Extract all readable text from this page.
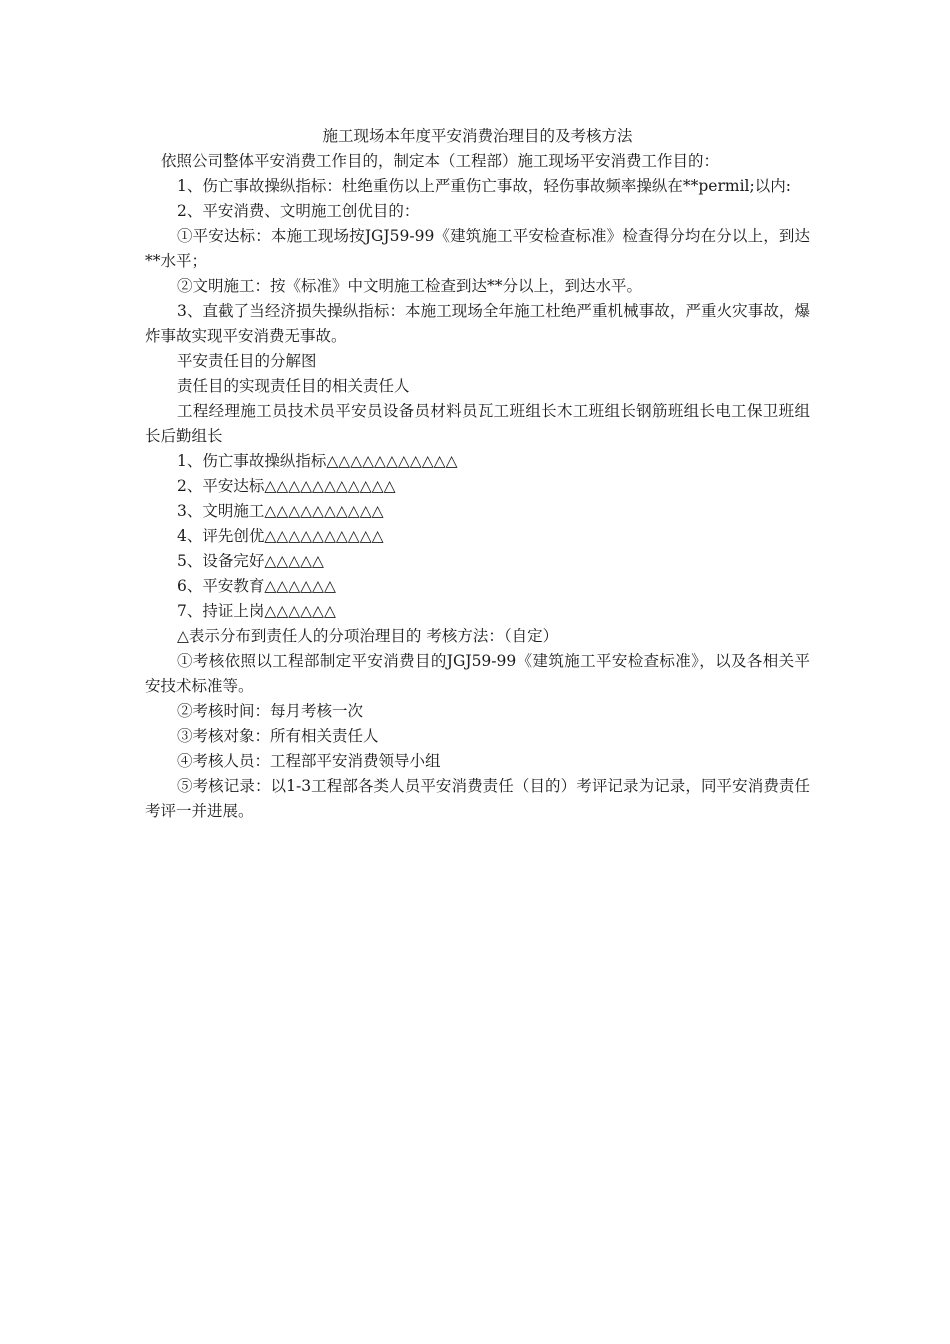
施工现场本年度平安消费治理目的及考核方法

依照公司整体平安消费工作目的，制定本（工程部）施工现场平安消费工作目的：

1、伤亡事故操纵指标：杜绝重伤以上严重伤亡事故，轻伤事故频率操纵在**permil;以内:

2、平安消费、文明施工创优目的：

①平安达标：本施工现场按JGJ59-99《建筑施工平安检查标准》检查得分均在分以上，到达**水平；

②文明施工：按《标准》中文明施工检查到达**分以上，到达水平。

3、直截了当经济损失操纵指标：本施工现场全年施工杜绝严重机械事故，严重火灾事故，爆炸事故实现平安消费无事故。

平安责任目的分解图

责任目的实现责任目的相关责任人

工程经理施工员技术员平安员设备员材料员瓦工班组长木工班组长钢筋班组长电工保卫班组长后勤组长

1、伤亡事故操纵指标△△△△△△△△△△△

2、平安达标△△△△△△△△△△△

3、文明施工△△△△△△△△△△

4、评先创优△△△△△△△△△△

5、设备完好△△△△△

6、平安教育△△△△△△

7、持证上岗△△△△△△

△表示分布到责任人的分项治理目的 考核方法：（自定）

①考核依照以工程部制定平安消费目的JGJ59-99《建筑施工平安检查标准》，以及各相关平安技术标准等。

②考核时间：每月考核一次

③考核对象：所有相关责任人

④考核人员：工程部平安消费领导小组

⑤考核记录：以1-3工程部各类人员平安消费责任（目的）考评记录为记录，同平安消费责任考评一并进展。
